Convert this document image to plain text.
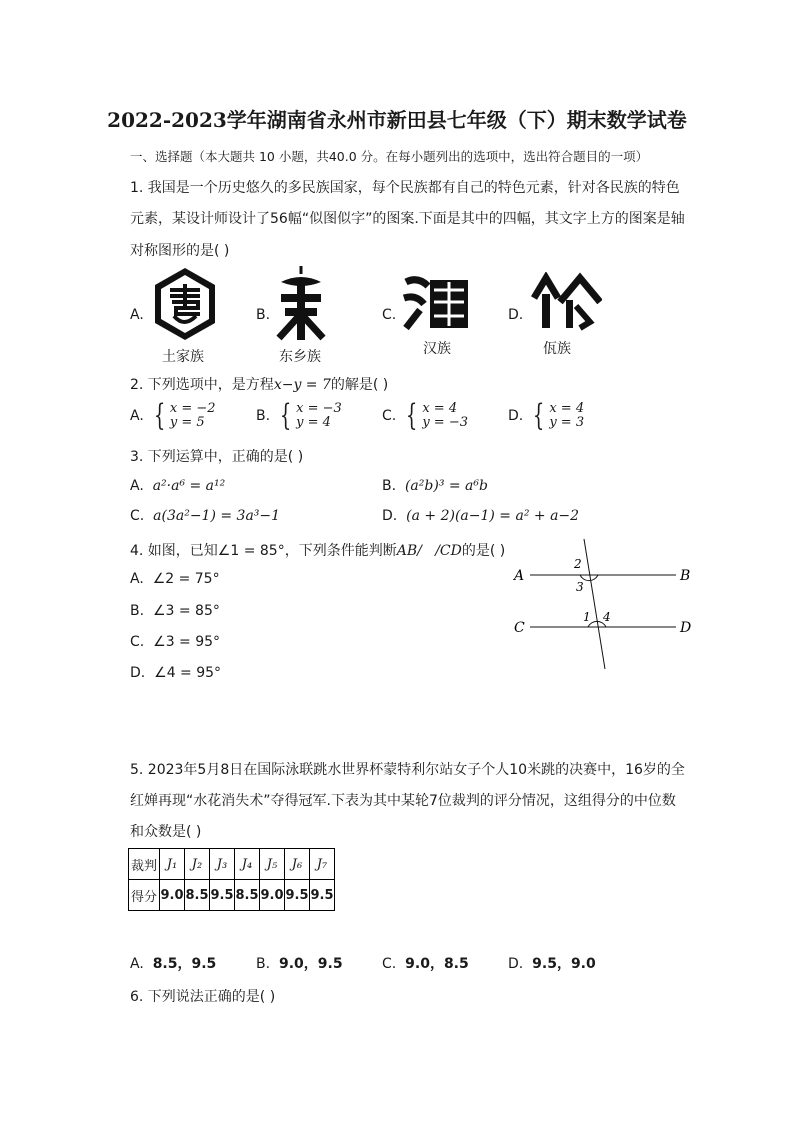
2022-2023学年湖南省永州市新田县七年级（下）期末数学试卷
一、选择题（本大题共 10 小题，共40.0 分。在每小题列出的选项中，选出符合题目的一项）
1. 我国是一个历史悠久的多民族国家，每个民族都有自己的特色元素，针对各民族的特色
元素，某设计师设计了56幅“似图似字”的图案.下面是其中的四幅，其文字上方的图案是轴
对称图形的是( )
A.
土家族
B.
东乡族
C.
汉族
D.
佤族
2. 下列选项中，是方程x−y = 7的解是( )
A. { x = −2
y = 5	B. { x = −3
y = 4	C. { x = 4
y = −3	D. { x = 4
y = 3
3. 下列运算中，正确的是( )
A. a²·a⁶ = a¹²	B. (a²b)³ = a⁶b
C. a(3a²−1) = 3a³−1	D. (a + 2)(a−1) = a² + a−2
4. 如图，已知∠1 = 85°，下列条件能判断AB/   /CD的是( )
A. ∠2 = 75°
B. ∠3 = 85°
C. ∠3 = 95°
D. ∠4 = 95°
A	B
C	D
2
3
1 4
5. 2023年5月8日在国际泳联跳水世界杯蒙特利尔站女子个人10米跳的决赛中，16岁的全
红婵再现“水花消失术”夺得冠军.下表为其中某轮7位裁判的评分情况，这组得分的中位数
和众数是( )
裁判	J₁	J₂	J₃	J₄	J₅	J₆	J₇
得分	9.0	8.5	9.5	8.5	9.0	9.5	9.5
A. 8.5，9.5	B. 9.0，9.5	C. 9.0，8.5	D. 9.5，9.0
6. 下列说法正确的是( )
